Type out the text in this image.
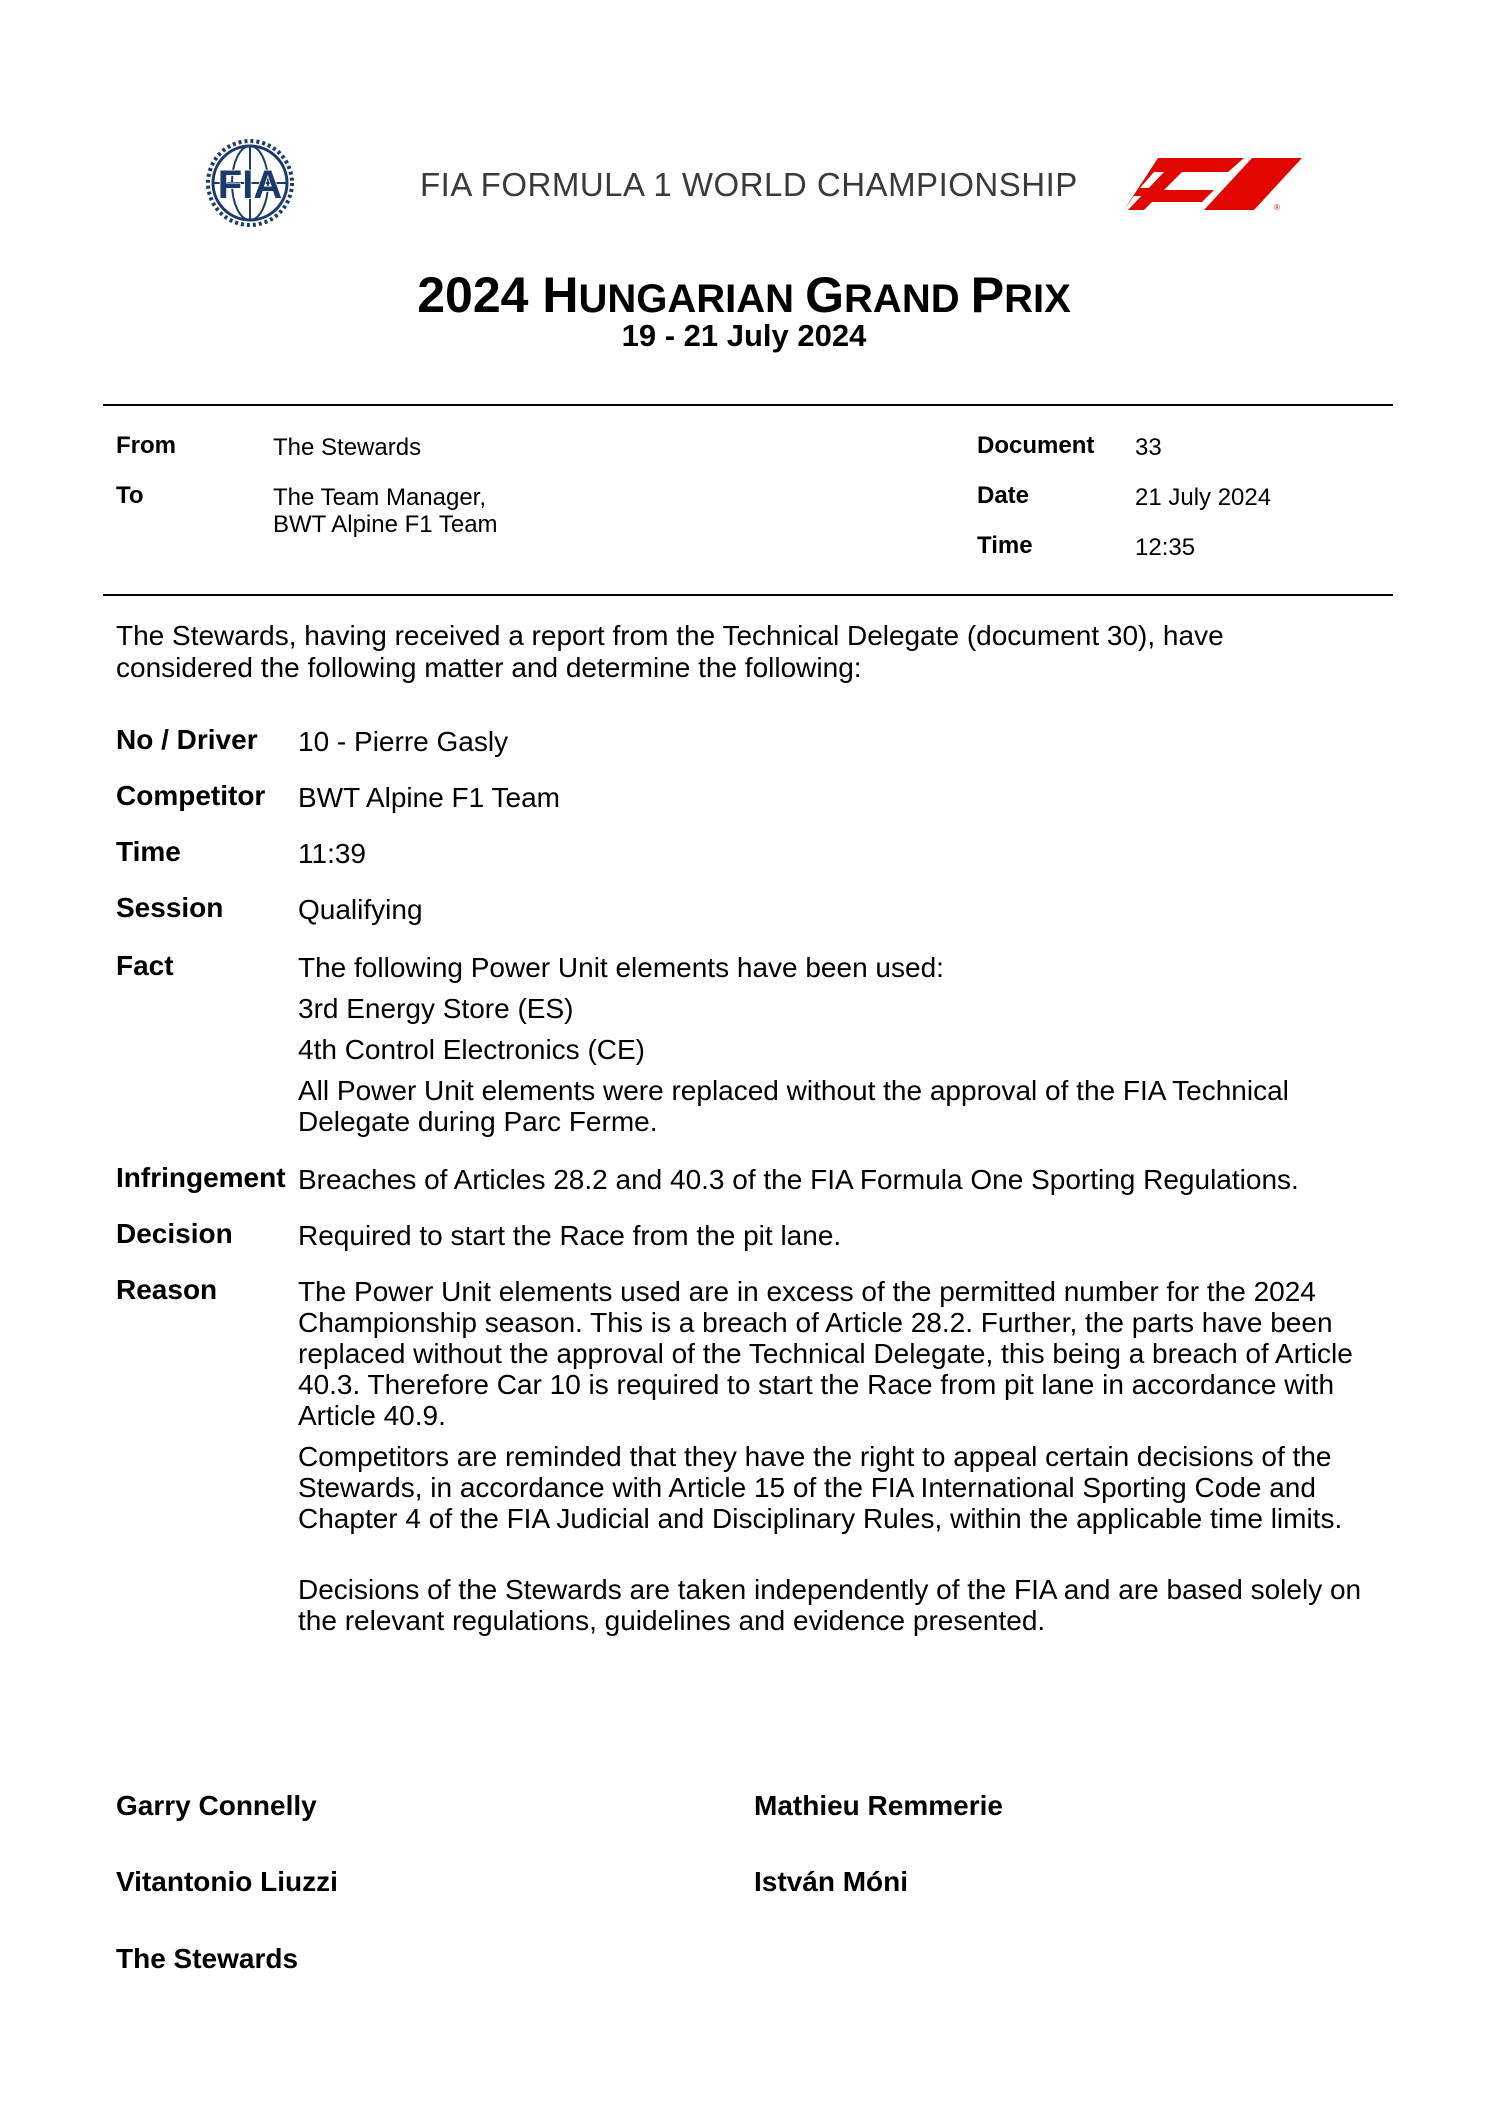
FIA	FIA FORMULA 1 WORLD CHAMPIONSHIP
®
2024 HUNGARIAN GRAND PRIX
19 - 21 July 2024
From	The Stewards
To	The Team Manager,
BWT Alpine F1 Team
Document 33
Date	21 July 2024
Time	12:35
The Stewards, having received a report from the Technical Delegate (document 30), have considered the following matter and determine the following:
No / Driver 10 - Pierre Gasly
Competitor BWT Alpine F1 Team
Time	11:39
Session	Qualifying
Fact	The following Power Unit elements have been used:
3rd Energy Store (ES)
4th Control Electronics (CE)
All Power Unit elements were replaced without the approval of the FIA Technical Delegate during Parc Ferme.
Infringement Breaches of Articles 28.2 and 40.3 of the FIA Formula One Sporting Regulations.
Decision Required to start the Race from the pit lane.
Reason	The Power Unit elements used are in excess of the permitted number for the 2024 Championship season. This is a breach of Article 28.2. Further, the parts have been replaced without the approval of the Technical Delegate, this being a breach of Article 40.3. Therefore Car 10 is required to start the Race from pit lane in accordance with Article 40.9.
Competitors are reminded that they have the right to appeal certain decisions of the Stewards, in accordance with Article 15 of the FIA International Sporting Code and Chapter 4 of the FIA Judicial and Disciplinary Rules, within the applicable time limits.
Decisions of the Stewards are taken independently of the FIA and are based solely on the relevant regulations, guidelines and evidence presented.
Garry Connelly	Mathieu Remmerie
Vitantonio Liuzzi	István Móni
The Stewards
